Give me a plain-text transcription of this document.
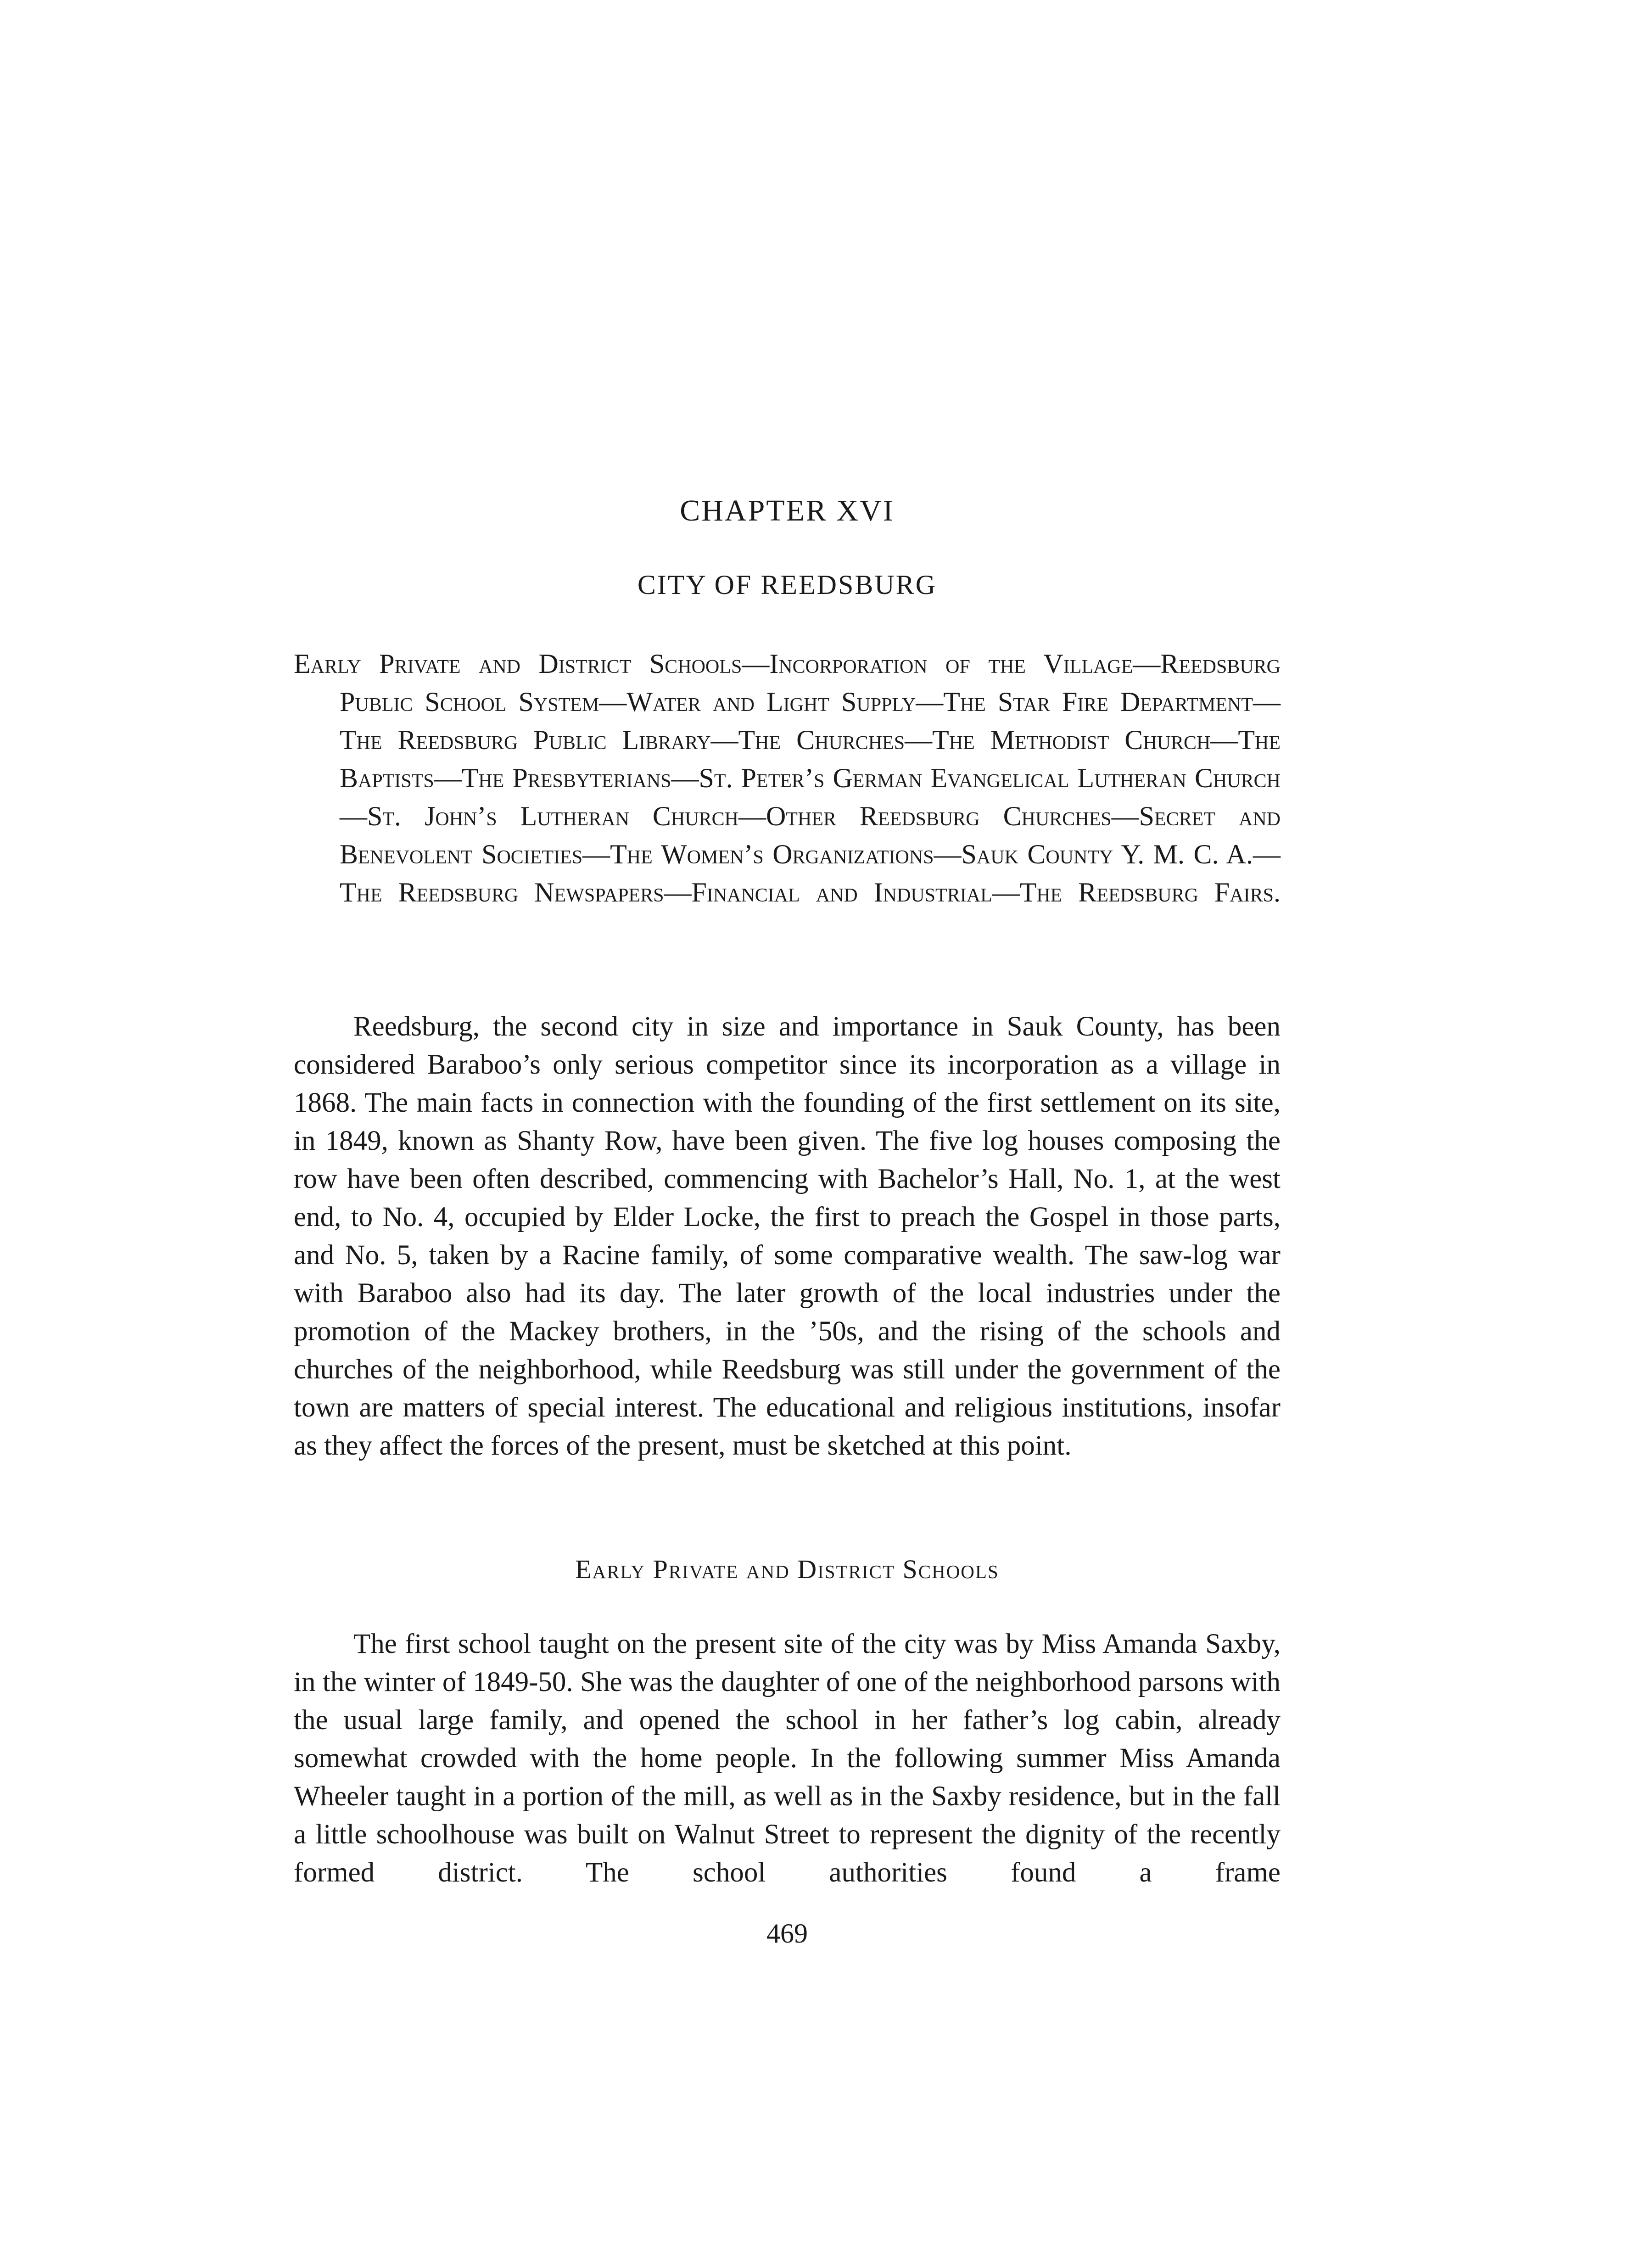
CHAPTER XVI
CITY OF REEDSBURG

Early Private and District Schools—Incorporation of the Village—Reedsburg Public School System—Water and Light Supply—The Star Fire Department—The Reedsburg Public Library—The Churches—The Methodist Church—The Baptists—The Presbyterians—St. Peter’s German Evangelical Lutheran Church—St. John’s Lutheran Church—Other Reedsburg Churches—Secret and Benevolent Societies—The Women’s Organizations—Sauk County Y. M. C. A.—The Reedsburg Newspapers—Financial and Industrial—The Reedsburg Fairs.

Reedsburg, the second city in size and importance in Sauk County, has been considered Baraboo’s only serious competitor since its incorporation as a village in 1868. The main facts in connection with the founding of the first settlement on its site, in 1849, known as Shanty Row, have been given. The five log houses composing the row have been often described, commencing with Bachelor’s Hall, No. 1, at the west end, to No. 4, occupied by Elder Locke, the first to preach the Gospel in those parts, and No. 5, taken by a Racine family, of some comparative wealth. The saw-log war with Baraboo also had its day. The later growth of the local industries under the promotion of the Mackey brothers, in the ’50s, and the rising of the schools and churches of the neighborhood, while Reedsburg was still under the government of the town are matters of special interest. The educational and religious institutions, insofar as they affect the forces of the present, must be sketched at this point.

Early Private and District Schools

The first school taught on the present site of the city was by Miss Amanda Saxby, in the winter of 1849-50. She was the daughter of one of the neighborhood parsons with the usual large family, and opened the school in her father’s log cabin, already somewhat crowded with the home people. In the following summer Miss Amanda Wheeler taught in a portion of the mill, as well as in the Saxby residence, but in the fall a little schoolhouse was built on Walnut Street to represent the dignity of the recently formed district. The school authorities found a frame

469
